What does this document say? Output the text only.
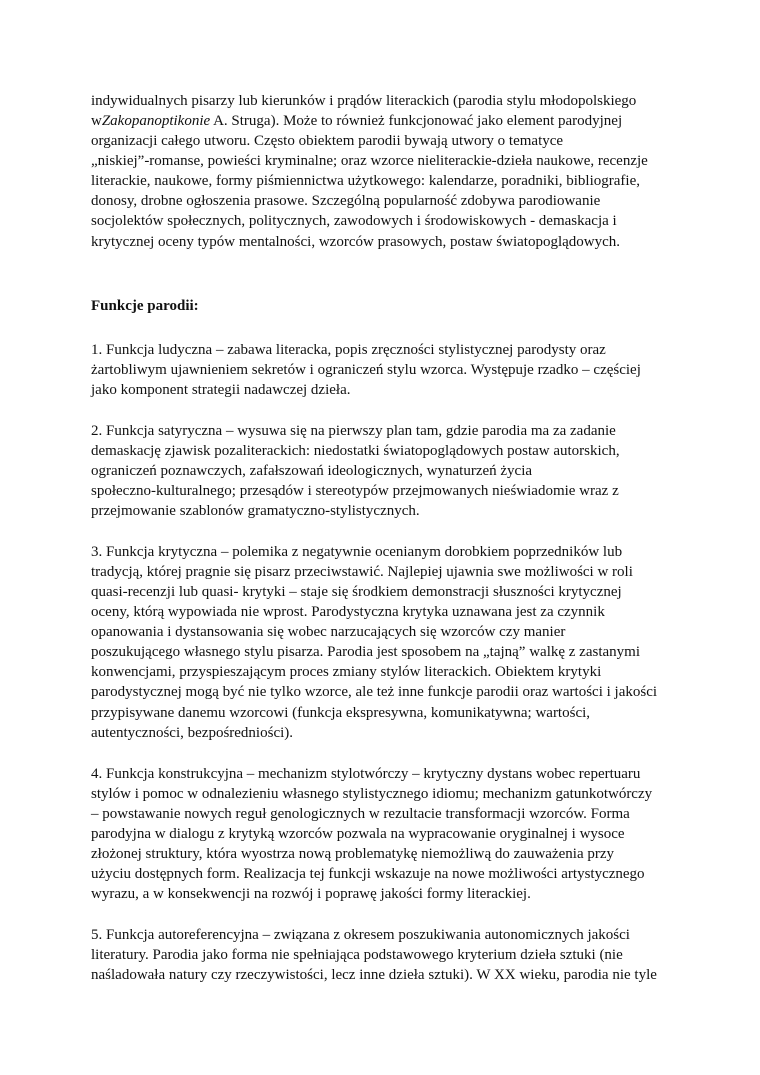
indywidualnych pisarzy lub kierunków i prądów literackich (parodia stylu młodopolskiego

wZakopanoptikonie A. Struga). Może to również funkcjonować jako element parodyjnej

organizacji całego utworu. Często obiektem parodii bywają utwory o tematyce

„niskiej”-romanse, powieści kryminalne; oraz wzorce nieliterackie-dzieła naukowe, recenzje

literackie, naukowe, formy piśmiennictwa użytkowego: kalendarze, poradniki, bibliografie,

donosy, drobne ogłoszenia prasowe. Szczególną popularność zdobywa parodiowanie

socjolektów społecznych, politycznych, zawodowych i środowiskowych - demaskacja i

krytycznej oceny typów mentalności, wzorców prasowych, postaw światopoglądowych.

Funkcje parodii:

1. Funkcja ludyczna – zabawa literacka, popis zręczności stylistycznej parodysty oraz

żartobliwym ujawnieniem sekretów i ograniczeń stylu wzorca. Występuje rzadko – częściej

jako komponent strategii nadawczej dzieła.

2. Funkcja satyryczna – wysuwa się na pierwszy plan tam, gdzie parodia ma za zadanie

demaskację zjawisk pozaliterackich: niedostatki światopoglądowych postaw autorskich,

ograniczeń poznawczych, zafałszowań ideologicznych, wynaturzeń życia

społeczno-kulturalnego; przesądów i stereotypów przejmowanych nieświadomie wraz z

przejmowanie szablonów gramatyczno-stylistycznych.

3. Funkcja krytyczna – polemika z negatywnie ocenianym dorobkiem poprzedników lub

tradycją, której pragnie się pisarz przeciwstawić. Najlepiej ujawnia swe możliwości w roli

quasi-recenzji lub quasi- krytyki – staje się środkiem demonstracji słuszności krytycznej

oceny, którą wypowiada nie wprost. Parodystyczna krytyka uznawana jest za czynnik

opanowania i dystansowania się wobec narzucających się wzorców czy manier

poszukującego własnego stylu pisarza. Parodia jest sposobem na „tajną” walkę z zastanymi

konwencjami, przyspieszającym proces zmiany stylów literackich. Obiektem krytyki

parodystycznej mogą być nie tylko wzorce, ale też inne funkcje parodii oraz wartości i jakości

przypisywane danemu wzorcowi (funkcja ekspresywna, komunikatywna; wartości,

autentyczności, bezpośredniości).

4. Funkcja konstrukcyjna – mechanizm stylotwórczy – krytyczny dystans wobec repertuaru

stylów i pomoc w odnalezieniu własnego stylistycznego idiomu; mechanizm gatunkotwórczy

– powstawanie nowych reguł genologicznych w rezultacie transformacji wzorców. Forma

parodyjna w dialogu z krytyką wzorców pozwala na wypracowanie oryginalnej i wysoce

złożonej struktury, która wyostrza nową problematykę niemożliwą do zauważenia przy

użyciu dostępnych form. Realizacja tej funkcji wskazuje na nowe możliwości artystycznego

wyrazu, a w konsekwencji na rozwój i poprawę jakości formy literackiej.

5. Funkcja autoreferencyjna – związana z okresem poszukiwania autonomicznych jakości

literatury. Parodia jako forma nie spełniająca podstawowego kryterium dzieła sztuki (nie

naśladowała natury czy rzeczywistości, lecz inne dzieła sztuki). W XX wieku, parodia nie tyle
